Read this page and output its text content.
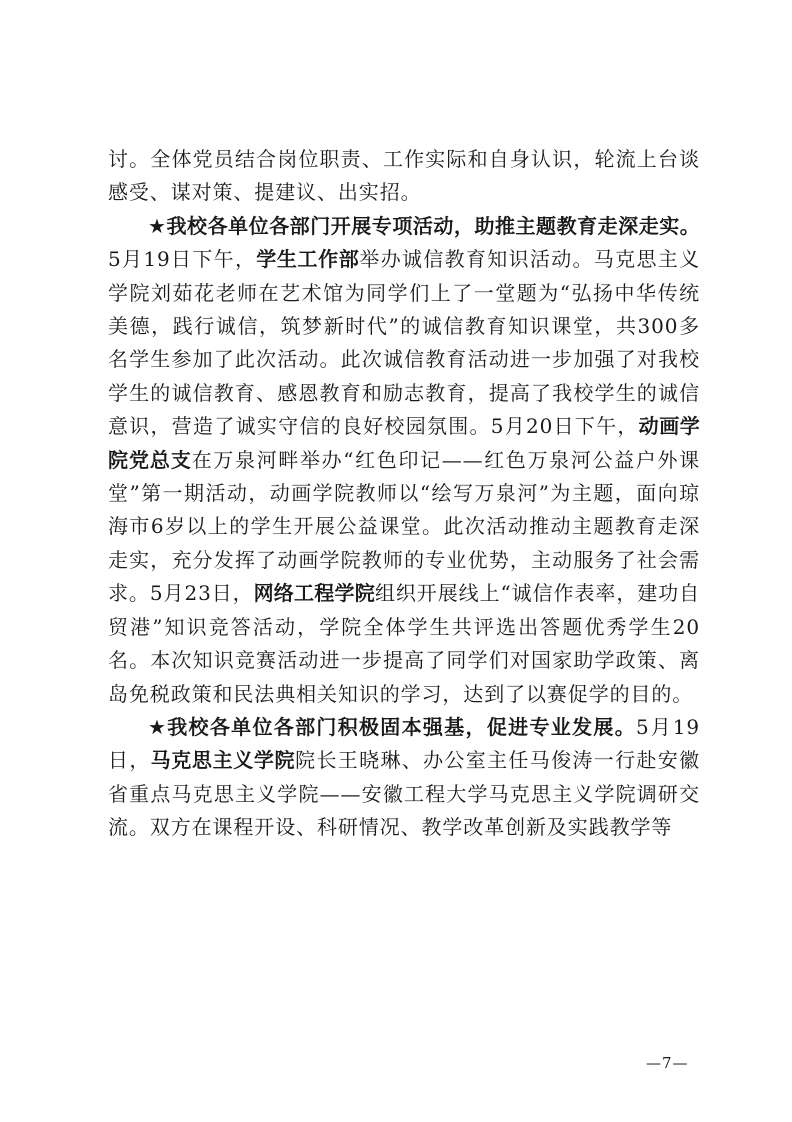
讨。全体党员结合岗位职责、工作实际和自身认识，轮流上台谈感受、谋对策、提建议、出实招。

★我校各单位各部门开展专项活动，助推主题教育走深走实。5月19日下午，学生工作部举办诚信教育知识活动。马克思主义学院刘茹花老师在艺术馆为同学们上了一堂题为“弘扬中华传统美德，践行诚信，筑梦新时代”的诚信教育知识课堂，共300多名学生参加了此次活动。此次诚信教育活动进一步加强了对我校学生的诚信教育、感恩教育和励志教育，提高了我校学生的诚信意识，营造了诚实守信的良好校园氛围。5月20日下午，动画学院党总支在万泉河畔举办“红色印记——红色万泉河公益户外课堂”第一期活动，动画学院教师以“绘写万泉河”为主题，面向琼海市6岁以上的学生开展公益课堂。此次活动推动主题教育走深走实，充分发挥了动画学院教师的专业优势，主动服务了社会需求。5月23日，网络工程学院组织开展线上“诚信作表率，建功自贸港”知识竞答活动，学院全体学生共评选出答题优秀学生20名。本次知识竞赛活动进一步提高了同学们对国家助学政策、离岛免税政策和民法典相关知识的学习，达到了以赛促学的目的。

★我校各单位各部门积极固本强基，促进专业发展。5月19日，马克思主义学院院长王晓琳、办公室主任马俊涛一行赴安徽省重点马克思主义学院——安徽工程大学马克思主义学院调研交流。双方在课程开设、科研情况、教学改革创新及实践教学等

—7—
